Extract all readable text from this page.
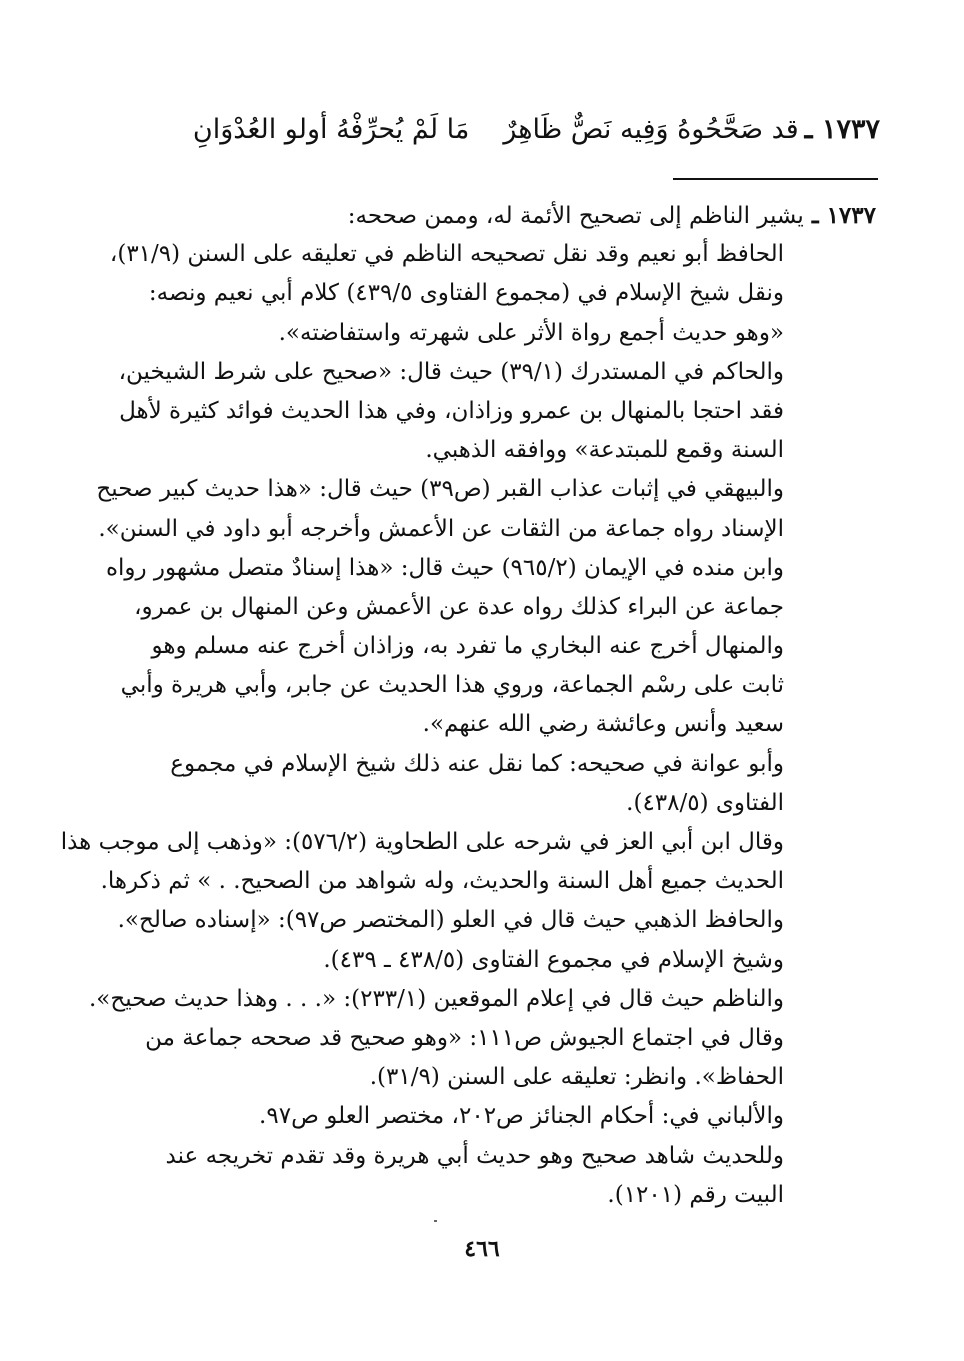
١٧٣٧ ـ
قد صَحَّحُوهُ وَفِيه نَصٌّ ظَاهِرٌ
مَا لَمْ يُحرِّفْهُ أولو العُدْوَانِ
١٧٣٧ ـيشير الناظم إلى تصحيح الأئمة له، وممن صححه:
الحافظ أبو نعيم وقد نقل تصحيحه الناظم في تعليقه على السنن (٣١/٩)،
ونقل شيخ الإسلام في (مجموع الفتاوى ٤٣٩/٥) كلام أبي نعيم ونصه:
«وهو حديث أجمع رواة الأثر على شهرته واستفاضته».
والحاكم في المستدرك (٣٩/١) حيث قال: «صحيح على شرط الشيخين،
فقد احتجا بالمنهال بن عمرو وزاذان، وفي هذا الحديث فوائد كثيرة لأهل
السنة وقمع للمبتدعة» ووافقه الذهبي.
والبيهقي في إثبات عذاب القبر (ص٣٩) حيث قال: «هذا حديث كبير صحيح
الإسناد رواه جماعة من الثقات عن الأعمش وأخرجه أبو داود في السنن».
وابن منده في الإيمان (٩٦٥/٢) حيث قال: «هذا إسنادٌ متصل مشهور رواه
جماعة عن البراء كذلك رواه عدة عن الأعمش وعن المنهال بن عمرو،
والمنهال أخرج عنه البخاري ما تفرد به، وزاذان أخرج عنه مسلم وهو
ثابت على رسْم الجماعة، وروي هذا الحديث عن جابر، وأبي هريرة وأبي
سعيد وأنس وعائشة رضي الله عنهم».
وأبو عوانة في صحيحه: كما نقل عنه ذلك شيخ الإسلام في مجموع
الفتاوى (٤٣٨/٥).
وقال ابن أبي العز في شرحه على الطحاوية (٥٧٦/٢): «وذهب إلى موجب هذا
الحديث جميع أهل السنة والحديث، وله شواهد من الصحيح. . » ثم ذكرها.
والحافظ الذهبي حيث قال في العلو (المختصر ص٩٧): «إسناده صالح».
وشيخ الإسلام في مجموع الفتاوى (٤٣٨/٥ ـ ٤٣٩).
والناظم حيث قال في إعلام الموقعين (٢٣٣/١): «. . . وهذا حديث صحيح».
وقال في اجتماع الجيوش ص١١١: «وهو صحيح قد صححه جماعة من
الحفاظ». وانظر: تعليقه على السنن (٣١/٩).
والألباني في: أحكام الجنائز ص٢٠٢، مختصر العلو ص٩٧.
وللحديث شاهد صحيح وهو حديث أبي هريرة وقد تقدم تخريجه عند
البيت رقم (١٢٠١).
٤٦٦
